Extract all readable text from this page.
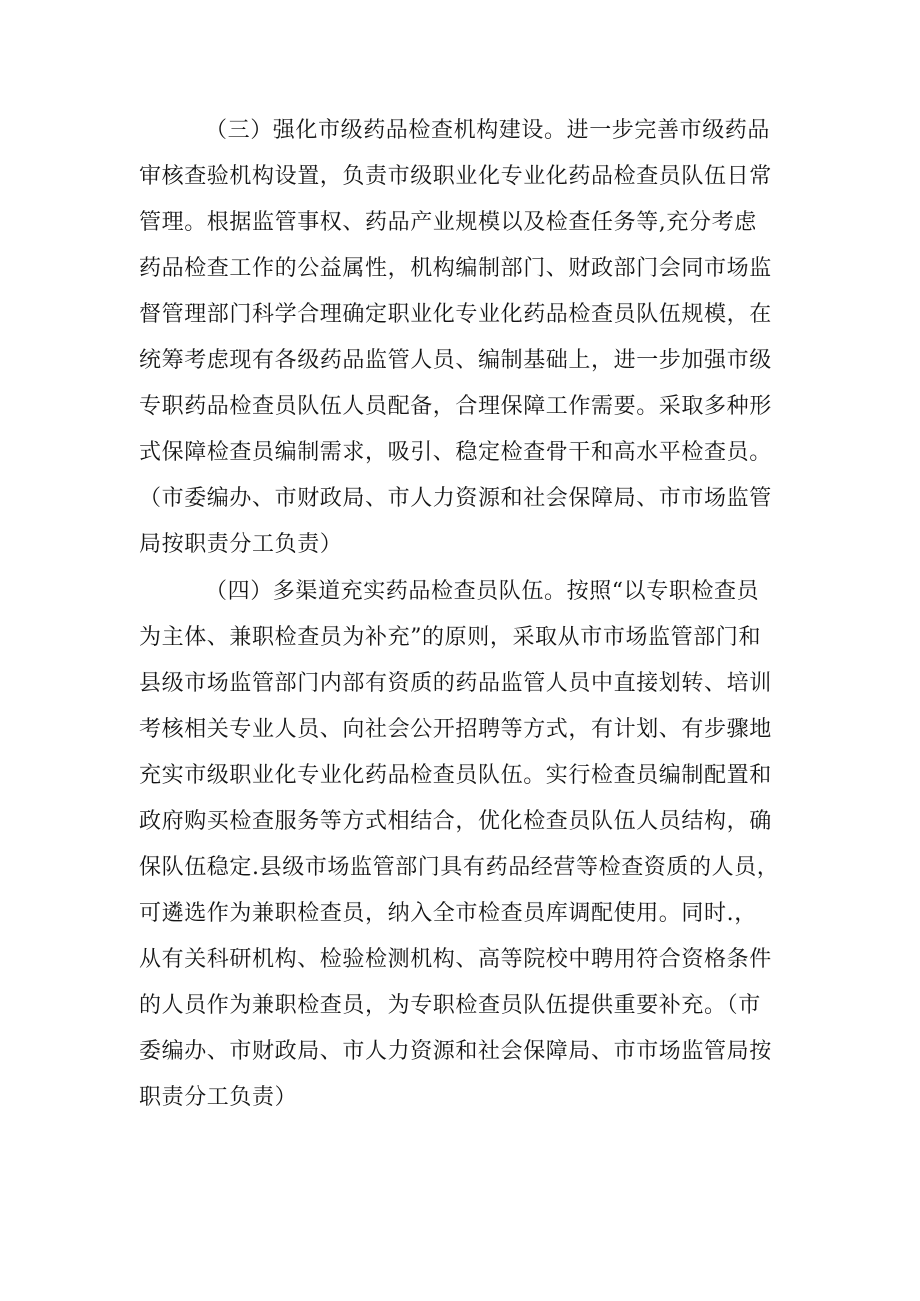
（三）强化市级药品检查机构建设。进一步完善市级药品
审核查验机构设置，负责市级职业化专业化药品检查员队伍日常
管理。根据监管事权、药品产业规模以及检查任务等,充分考虑
药品检查工作的公益属性，机构编制部门、财政部门会同市场监
督管理部门科学合理确定职业化专业化药品检查员队伍规模，在
统筹考虑现有各级药品监管人员、编制基础上，进一步加强市级
专职药品检查员队伍人员配备，合理保障工作需要。采取多种形
式保障检查员编制需求，吸引、稳定检查骨干和高水平检查员。
（市委编办、市财政局、市人力资源和社会保障局、市市场监管
局按职责分工负责）
（四）多渠道充实药品检查员队伍。按照“以专职检查员
为主体、兼职检查员为补充”的原则，采取从市市场监管部门和
县级市场监管部门内部有资质的药品监管人员中直接划转、培训
考核相关专业人员、向社会公开招聘等方式，有计划、有步骤地
充实市级职业化专业化药品检查员队伍。实行检查员编制配置和
政府购买检查服务等方式相结合，优化检查员队伍人员结构，确
保队伍稳定.县级市场监管部门具有药品经营等检查资质的人员，
可遴选作为兼职检查员，纳入全市检查员库调配使用。同时.，
从有关科研机构、检验检测机构、高等院校中聘用符合资格条件
的人员作为兼职检查员，为专职检查员队伍提供重要补充。（市
委编办、市财政局、市人力资源和社会保障局、市市场监管局按
职责分工负责）
